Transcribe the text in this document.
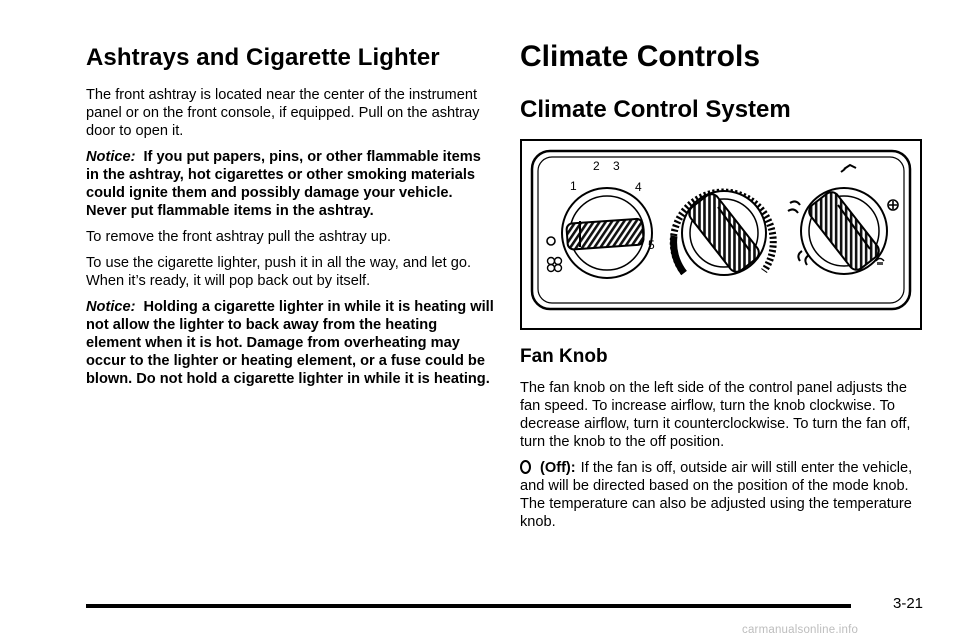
Ashtrays and Cigarette Lighter

The front ashtray is located near the center of the instrument panel or on the front console, if equipped. Pull on the ashtray door to open it.

Notice: If you put papers, pins, or other flammable items in the ashtray, hot cigarettes or other smoking materials could ignite them and possibly damage your vehicle. Never put flammable items in the ashtray.

To remove the front ashtray pull the ashtray up.

To use the cigarette lighter, push it in all the way, and let go. When it’s ready, it will pop back out by itself.

Notice: Holding a cigarette lighter in while it is heating will not allow the lighter to back away from the heating element when it is hot. Damage from overheating may occur to the lighter or heating element, or a fuse could be blown. Do not hold a cigarette lighter in while it is heating.

Climate Controls
Climate Control System
2 3
1	4
5
Fan Knob

The fan knob on the left side of the control panel adjusts the fan speed. To increase airflow, turn the knob clockwise. To decrease airflow, turn it counterclockwise. To turn the fan off, turn the knob to the off position.

(Off): If the fan is off, outside air will still enter the vehicle, and will be directed based on the position of the mode knob. The temperature can also be adjusted using the temperature knob.

3-21
carmanualsonline.info
